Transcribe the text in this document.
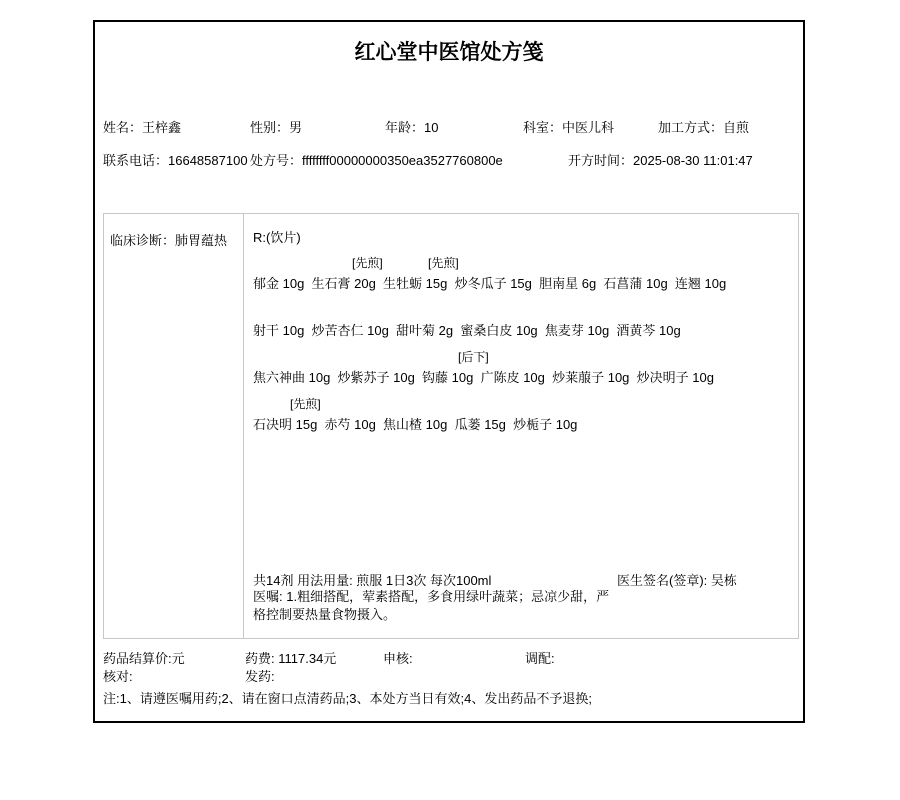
红心堂中医馆处方笺
姓名：王梓鑫	性别：男	年龄：10	科室：中医儿科	加工方式：自煎
联系电话：16648587100 处方号：ffffffff00000000350ea3527760800e	开方时间：2025-08-30 11:01:47
临床诊断：肺胃蕴热 R:(饮片)
[先煎]	[先煎]
郁金 10g  生石膏 20g  生牡蛎 15g  炒冬瓜子 15g  胆南星 6g  石菖蒲 10g  连翘 10g
射干 10g  炒苦杏仁 10g  甜叶菊 2g  蜜桑白皮 10g  焦麦芽 10g  酒黄芩 10g
[后下]
焦六神曲 10g  炒紫苏子 10g  钩藤 10g  广陈皮 10g  炒莱菔子 10g  炒决明子 10g
[先煎]
石决明 15g  赤芍 10g  焦山楂 10g  瓜蒌 15g  炒栀子 10g
共14剂 用法用量: 煎服 1日3次 每次100ml	医生签名(签章): 吴栋
医嘱: 1.粗细搭配，荤素搭配，多食用绿叶蔬菜；忌凉少甜，严格控制要热量食物摄入。
药品结算价:元	药费: 1117.34元	申核:	调配:
核对:	发药:
注:1、请遵医嘱用药;2、请在窗口点清药品;3、本处方当日有效;4、发出药品不予退换;
